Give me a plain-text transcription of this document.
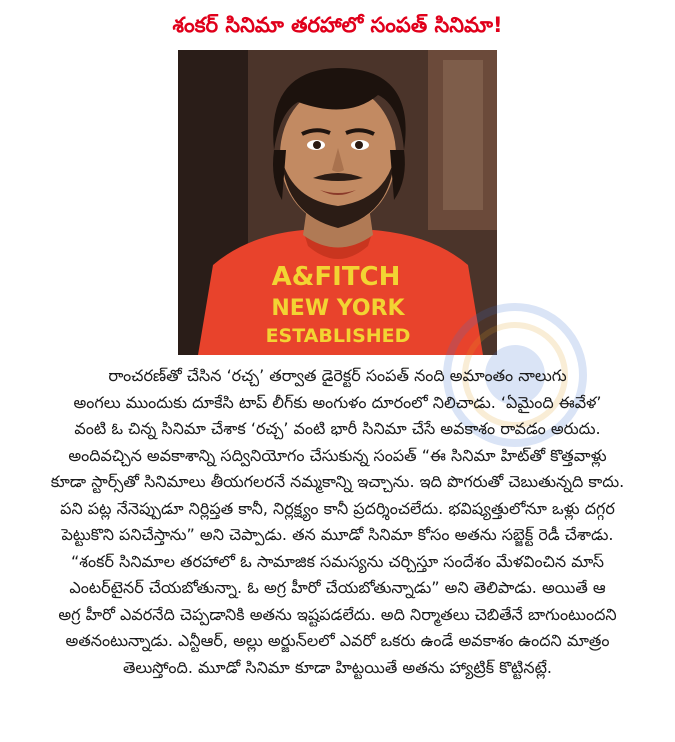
శంకర్ సినిమా తరహాలో సంపత్ సినిమా!
A&FITCH
NEW YORK
ESTABLISHED
రాంచరణ్‌తో చేసిన ‘రచ్చ’ తర్వాత డైరెక్టర్ సంపత్ నంది అమాంతం నాలుగు
అంగలు ముందుకు దూకేసి టాప్ లీగ్‌కు అంగుళం దూరంలో నిలిచాడు. ‘ఏమైంది ఈవేళ’
వంటి ఓ చిన్న సినిమా చేశాక ‘రచ్చ’ వంటి భారీ సినిమా చేసే అవకాశం రావడం అరుదు.
అందివచ్చిన అవకాశాన్ని సద్వినియోగం చేసుకున్న సంపత్ “ఈ సినిమా హిట్‌తో కొత్తవాళ్లు
కూడా స్టార్స్‌తో సినిమాలు తీయగలరనే నమ్మకాన్ని ఇచ్చాను. ఇది పొగరుతో చెబుతున్నది కాదు.
పని పట్ల నేనెప్పుడూ నిర్లిప్తత కానీ, నిర్లక్ష్యం కానీ ప్రదర్శించలేదు. భవిష్యత్తులోనూ ఒళ్లు దగ్గర
పెట్టుకొని పనిచేస్తాను” అని చెప్పాడు. తన మూడో సినిమా కోసం అతను సబ్జెక్ట్ రెడీ చేశాడు.
“శంకర్ సినిమాల తరహాలో ఓ సామాజిక సమస్యను చర్చిస్తూ సందేశం మేళవించిన మాస్
ఎంటర్‌టైనర్ చేయబోతున్నా. ఓ అగ్ర హీరో చేయబోతున్నాడు” అని తెలిపాడు. అయితే ఆ
అగ్ర హీరో ఎవరనేది చెప్పడానికి అతను ఇష్టపడలేదు. అది నిర్మాతలు చెబితేనే బాగుంటుందని
అతనంటున్నాడు. ఎన్టీఆర్, అల్లు అర్జున్‌లలో ఎవరో ఒకరు ఉండే అవకాశం ఉందని మాత్రం
తెలుస్తోంది. మూడో సినిమా కూడా హిట్టయితే అతను హ్యాట్రిక్ కొట్టినట్లే.
